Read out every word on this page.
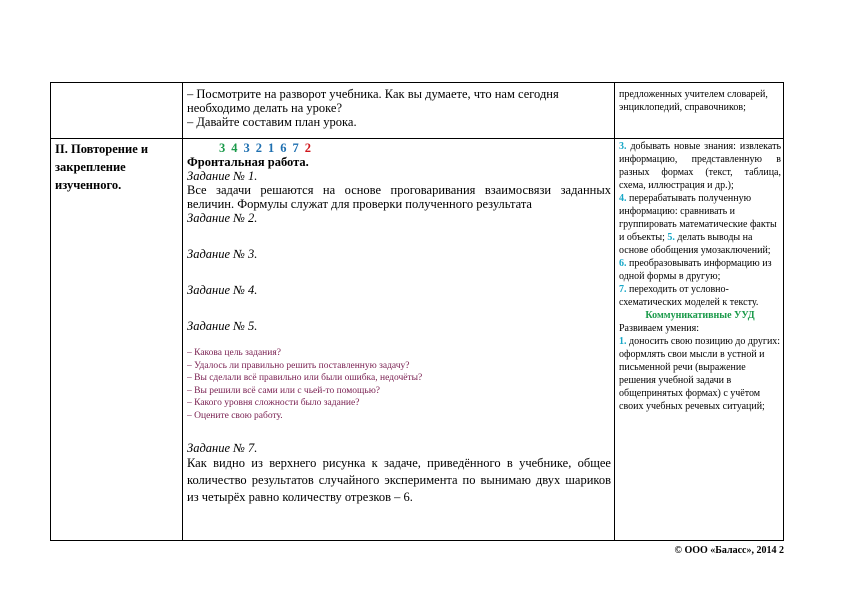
– Посмотрите на разворот учебника. Как вы думаете, что нам сегодня необходимо делать на уроке?

– Давайте составим план урока.

предложенных учителем словарей, энциклопедий, справочников;

II. Повторение и закрепление изученного.

3 4 3 2 1 6 7 2

Фронтальная работа.

Задание № 1.

Все задачи решаются на основе проговаривания взаимосвязи заданных величин. Формулы служат для проверки полученного результата

Задание № 2.

Задание № 3.

Задание № 4.

Задание № 5.

– Какова цель задания?

– Удалось ли правильно решить поставленную задачу?

– Вы сделали всё правильно или были ошибка, недочёты?

– Вы решили всё сами или с чьей-то помощью?

– Какого уровня сложности было задание?

– Оцените свою работу.

Задание № 7.

Как видно из верхнего рисунка к задаче, приведённого в учебнике, общее количество результатов случайного эксперимента по вынимаю двух шариков из четырёх равно количеству отрезков – 6.

3. добывать новые знания: извлекать информацию, представленную в разных формах (текст, таблица, схема, иллюстрация и др.);

4. перерабатывать полученную информацию: сравнивать и группировать математические факты и объекты; 5. делать выводы на основе обобщения умозаключений;

6. преобразовывать информацию из одной формы в другую;

7. переходить от условно-схематических моделей к тексту.

Коммуникативные УУД

Развиваем умения:

1. доносить свою позицию до других: оформлять свои мысли в устной и письменной речи (выражение решения учебной задачи в общепринятых формах) с учётом своих учебных речевых ситуаций;

© ООО «Баласс», 2014 2
